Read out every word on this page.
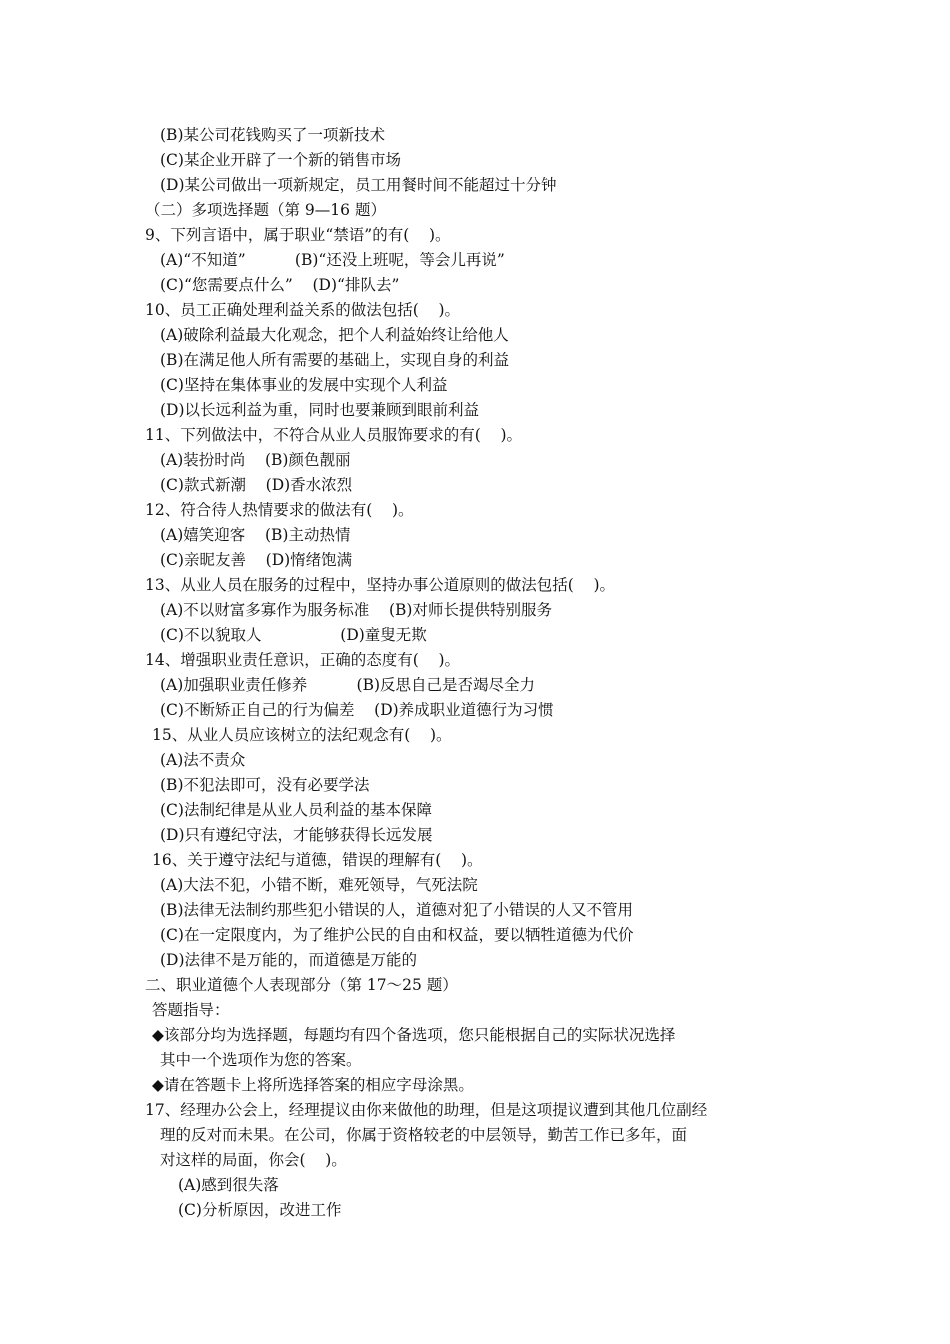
(B)某公司花钱购买了一项新技术
(C)某企业开辟了一个新的销售市场
(D)某公司做出一项新规定，员工用餐时间不能超过十分钟
（二）多项选择题（第 9—16 题）
9、下列言语中，属于职业“禁语”的有(    )。
(A)“不知道”          (B)“还没上班呢，等会儿再说”
(C)“您需要点什么”    (D)“排队去”
10、员工正确处理利益关系的做法包括(    )。
(A)破除利益最大化观念，把个人利益始终让给他人
(B)在满足他人所有需要的基础上，实现自身的利益
(C)坚持在集体事业的发展中实现个人利益
(D)以长远利益为重，同时也要兼顾到眼前利益
11、下列做法中，不符合从业人员服饰要求的有(    )。
(A)装扮时尚    (B)颜色靓丽
(C)款式新潮    (D)香水浓烈
12、符合待人热情要求的做法有(    )。
(A)嬉笑迎客    (B)主动热情
(C)亲昵友善    (D)惰绪饱满
13、从业人员在服务的过程中，坚持办事公道原则的做法包括(    )。
(A)不以财富多寡作为服务标准    (B)对师长提供特别服务
(C)不以貌取人                (D)童叟无欺
14、增强职业责任意识，正确的态度有(    )。
(A)加强职业责任修养          (B)反思自己是否竭尽全力
(C)不断矫正自己的行为偏差    (D)养成职业道德行为习惯
15、从业人员应该树立的法纪观念有(    )。
(A)法不责众
(B)不犯法即可，没有必要学法
(C)法制纪律是从业人员利益的基本保障
(D)只有遵纪守法，才能够获得长远发展
16、关于遵守法纪与道德，错误的理解有(    )。
(A)大法不犯，小错不断，难死领导，气死法院
(B)法律无法制约那些犯小错误的人，道德对犯了小错误的人又不管用
(C)在一定限度内，为了维护公民的自由和权益，要以牺牲道德为代价
(D)法律不是万能的，而道德是万能的
二、职业道德个人表现部分（第 17～25 题）
答题指导：
◆该部分均为选择题，每题均有四个备选项，您只能根据自己的实际状况选择
其中一个选项作为您的答案。
◆请在答题卡上将所选择答案的相应字母涂黑。
17、经理办公会上，经理提议由你来做他的助理，但是这项提议遭到其他几位副经
理的反对而未果。在公司，你属于资格较老的中层领导，勤苦工作已多年，面
对这样的局面，你会(    )。
(A)感到很失落
(C)分析原因，改进工作
